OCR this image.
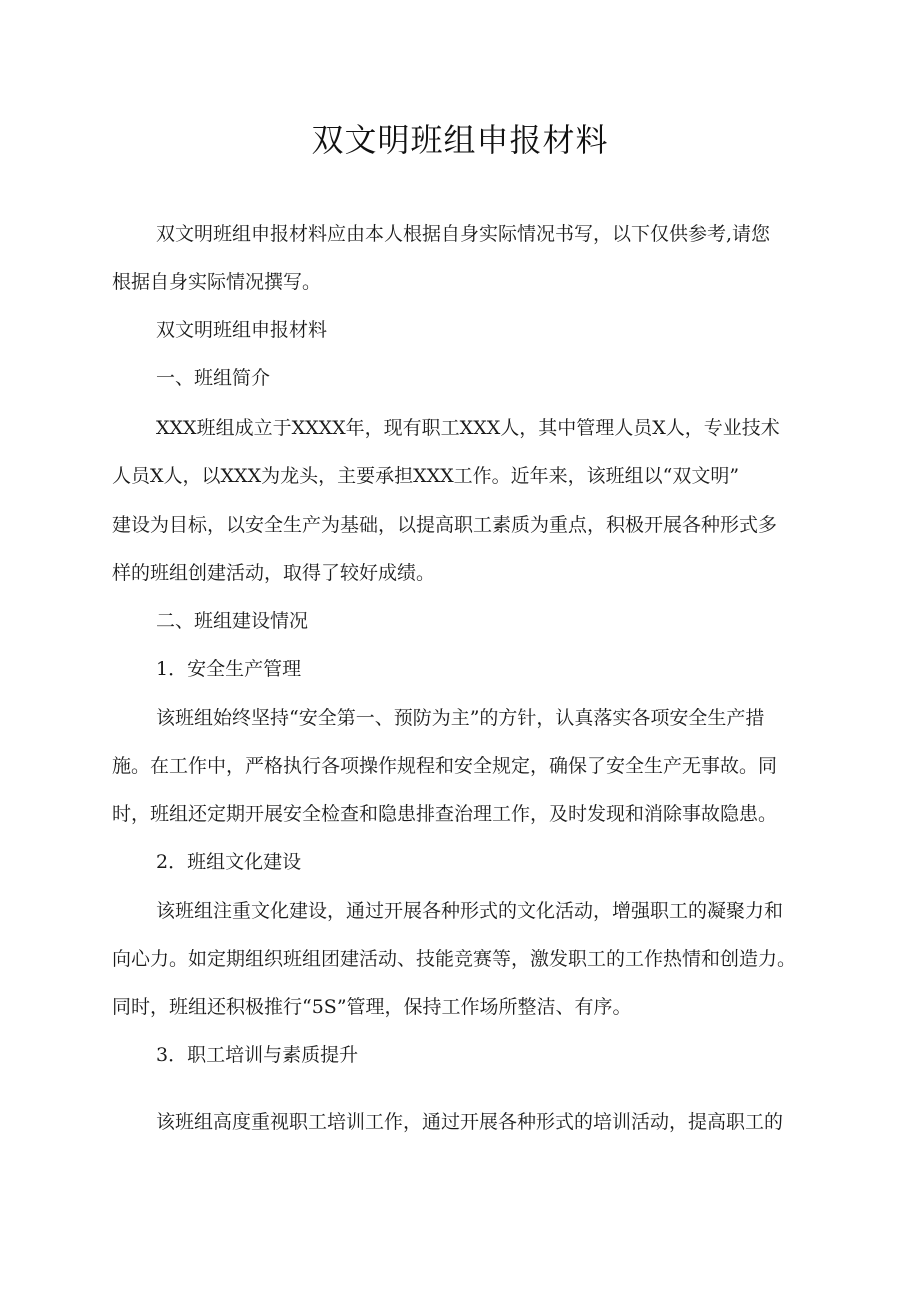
双文明班组申报材料

双文明班组申报材料应由本人根据自身实际情况书写，以下仅供参考,请您

根据自身实际情况撰写。

双文明班组申报材料

一、班组简介

XXX班组成立于XXXX年，现有职工XXX人，其中管理人员X人，专业技术

人员X人，以XXX为龙头，主要承担XXX工作。近年来，该班组以“双文明”

建设为目标，以安全生产为基础，以提高职工素质为重点，积极开展各种形式多

样的班组创建活动，取得了较好成绩。

二、班组建设情况

1．安全生产管理

该班组始终坚持“安全第一、预防为主”的方针，认真落实各项安全生产措

施。在工作中，严格执行各项操作规程和安全规定，确保了安全生产无事故。同

时，班组还定期开展安全检查和隐患排查治理工作，及时发现和消除事故隐患。

2．班组文化建设

该班组注重文化建设，通过开展各种形式的文化活动，增强职工的凝聚力和

向心力。如定期组织班组团建活动、技能竞赛等，激发职工的工作热情和创造力。

同时，班组还积极推行“5S”管理，保持工作场所整洁、有序。

3．职工培训与素质提升

该班组高度重视职工培训工作，通过开展各种形式的培训活动，提高职工的
